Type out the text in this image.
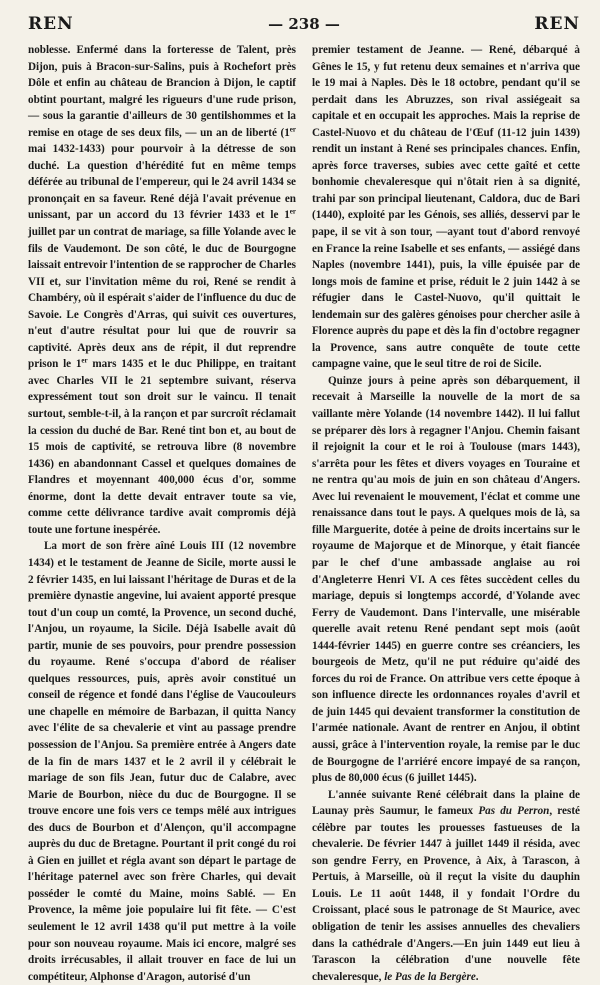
REN	— 238 —	REN

noblesse. Enfermé dans la forteresse de Talent, près Dijon, puis à Bracon-sur-Salins, puis à Rochefort près Dôle et enfin au château de Brancion à Dijon, le captif obtint pourtant, malgré les rigueurs d'une rude prison, — sous la garantie d'ailleurs de 30 gentilshommes et la remise en otage de ses deux fils, — un an de liberté (1er mai 1432-1433) pour pourvoir à la détresse de son duché. La question d'hérédité fut en même temps déférée au tribunal de l'empereur, qui le 24 avril 1434 se prononçait en sa faveur. René déjà l'avait prévenue en unissant, par un accord du 13 février 1433 et le 1er juillet par un contrat de mariage, sa fille Yolande avec le fils de Vaudemont. De son côté, le duc de Bourgogne laissait entrevoir l'intention de se rapprocher de Charles VII et, sur l'invitation même du roi, René se rendit à Chambéry, où il espérait s'aider de l'influence du duc de Savoie. Le Congrès d'Arras, qui suivit ces ouvertures, n'eut d'autre résultat pour lui que de rouvrir sa captivité. Après deux ans de répit, il dut reprendre prison le 1er mars 1435 et le duc Philippe, en traitant avec Charles VII le 21 septembre suivant, réserva expressément tout son droit sur le vaincu. Il tenait surtout, semble-t-il, à la rançon et par surcroît réclamait la cession du duché de Bar. René tint bon et, au bout de 15 mois de captivité, se retrouva libre (8 novembre 1436) en abandonnant Cassel et quelques domaines de Flandres et moyennant 400,000 écus d'or, somme énorme, dont la dette devait entraver toute sa vie, comme cette délivrance tardive avait compromis déjà toute une fortune inespérée.

La mort de son frère aîné Louis III (12 novembre 1434) et le testament de Jeanne de Sicile, morte aussi le 2 février 1435, en lui laissant l'héritage de Duras et de la première dynastie angevine, lui avaient apporté presque tout d'un coup un comté, la Provence, un second duché, l'Anjou, un royaume, la Sicile. Déjà Isabelle avait dû partir, munie de ses pouvoirs, pour prendre possession du royaume. René s'occupa d'abord de réaliser quelques ressources, puis, après avoir constitué un conseil de régence et fondé dans l'église de Vaucouleurs une chapelle en mémoire de Barbazan, il quitta Nancy avec l'élite de sa chevalerie et vint au passage prendre possession de l'Anjou. Sa première entrée à Angers date de la fin de mars 1437 et le 2 avril il y célébrait le mariage de son fils Jean, futur duc de Calabre, avec Marie de Bourbon, nièce du duc de Bourgogne. Il se trouve encore une fois vers ce temps mêlé aux intrigues des ducs de Bourbon et d'Alençon, qu'il accompagne auprès du duc de Bretagne. Pourtant il prit congé du roi à Gien en juillet et régla avant son départ le partage de l'héritage paternel avec son frère Charles, qui devait posséder le comté du Maine, moins Sablé. — En Provence, la même joie populaire lui fit fête. — C'est seulement le 12 avril 1438 qu'il put mettre à la voile pour son nouveau royaume. Mais ici encore, malgré ses droits irrécusables, il allait trouver en face de lui un compétiteur, Alphonse d'Aragon, autorisé d'un

premier testament de Jeanne. — René, débarqué à Gênes le 15, y fut retenu deux semaines et n'arriva que le 19 mai à Naples. Dès le 18 octobre, pendant qu'il se perdait dans les Abruzzes, son rival assiégeait sa capitale et en occupait les approches. Mais la reprise de Castel-Nuovo et du château de l'Œuf (11-12 juin 1439) rendit un instant à René ses principales chances. Enfin, après force traverses, subies avec cette gaîté et cette bonhomie chevaleresque qui n'ôtait rien à sa dignité, trahi par son principal lieutenant, Caldora, duc de Bari (1440), exploité par les Génois, ses alliés, desservi par le pape, il se vit à son tour, —ayant tout d'abord renvoyé en France la reine Isabelle et ses enfants, — assiégé dans Naples (novembre 1441), puis, la ville épuisée par de longs mois de famine et prise, réduit le 2 juin 1442 à se réfugier dans le Castel-Nuovo, qu'il quittait le lendemain sur des galères génoises pour chercher asile à Florence auprès du pape et dès la fin d'octobre regagner la Provence, sans autre conquête de toute cette campagne vaine, que le seul titre de roi de Sicile.

Quinze jours à peine après son débarquement, il recevait à Marseille la nouvelle de la mort de sa vaillante mère Yolande (14 novembre 1442). Il lui fallut se préparer dès lors à regagner l'Anjou. Chemin faisant il rejoignit la cour et le roi à Toulouse (mars 1443), s'arrêta pour les fêtes et divers voyages en Touraine et ne rentra qu'au mois de juin en son château d'Angers. Avec lui revenaient le mouvement, l'éclat et comme une renaissance dans tout le pays. A quelques mois de là, sa fille Marguerite, dotée à peine de droits incertains sur le royaume de Majorque et de Minorque, y était fiancée par le chef d'une ambassade anglaise au roi d'Angleterre Henri VI. A ces fêtes succèdent celles du mariage, depuis si longtemps accordé, d'Yolande avec Ferry de Vaudemont. Dans l'intervalle, une misérable querelle avait retenu René pendant sept mois (août 1444-février 1445) en guerre contre ses créanciers, les bourgeois de Metz, qu'il ne put réduire qu'aidé des forces du roi de France. On attribue vers cette époque à son influence directe les ordonnances royales d'avril et de juin 1445 qui devaient transformer la constitution de l'armée nationale. Avant de rentrer en Anjou, il obtint aussi, grâce à l'intervention royale, la remise par le duc de Bourgogne de l'arriéré encore impayé de sa rançon, plus de 80,000 écus (6 juillet 1445).

L'année suivante René célébrait dans la plaine de Launay près Saumur, le fameux Pas du Perron, resté célèbre par toutes les prouesses fastueuses de la chevalerie. De février 1447 à juillet 1449 il résida, avec son gendre Ferry, en Provence, à Aix, à Tarascon, à Pertuis, à Marseille, où il reçut la visite du dauphin Louis. Le 11 août 1448, il y fondait l'Ordre du Croissant, placé sous le patronage de St Maurice, avec obligation de tenir les assises annuelles des chevaliers dans la cathédrale d'Angers.—En juin 1449 eut lieu à Tarascon la célébration d'une nouvelle fête chevaleresque, le Pas de la Bergère.
